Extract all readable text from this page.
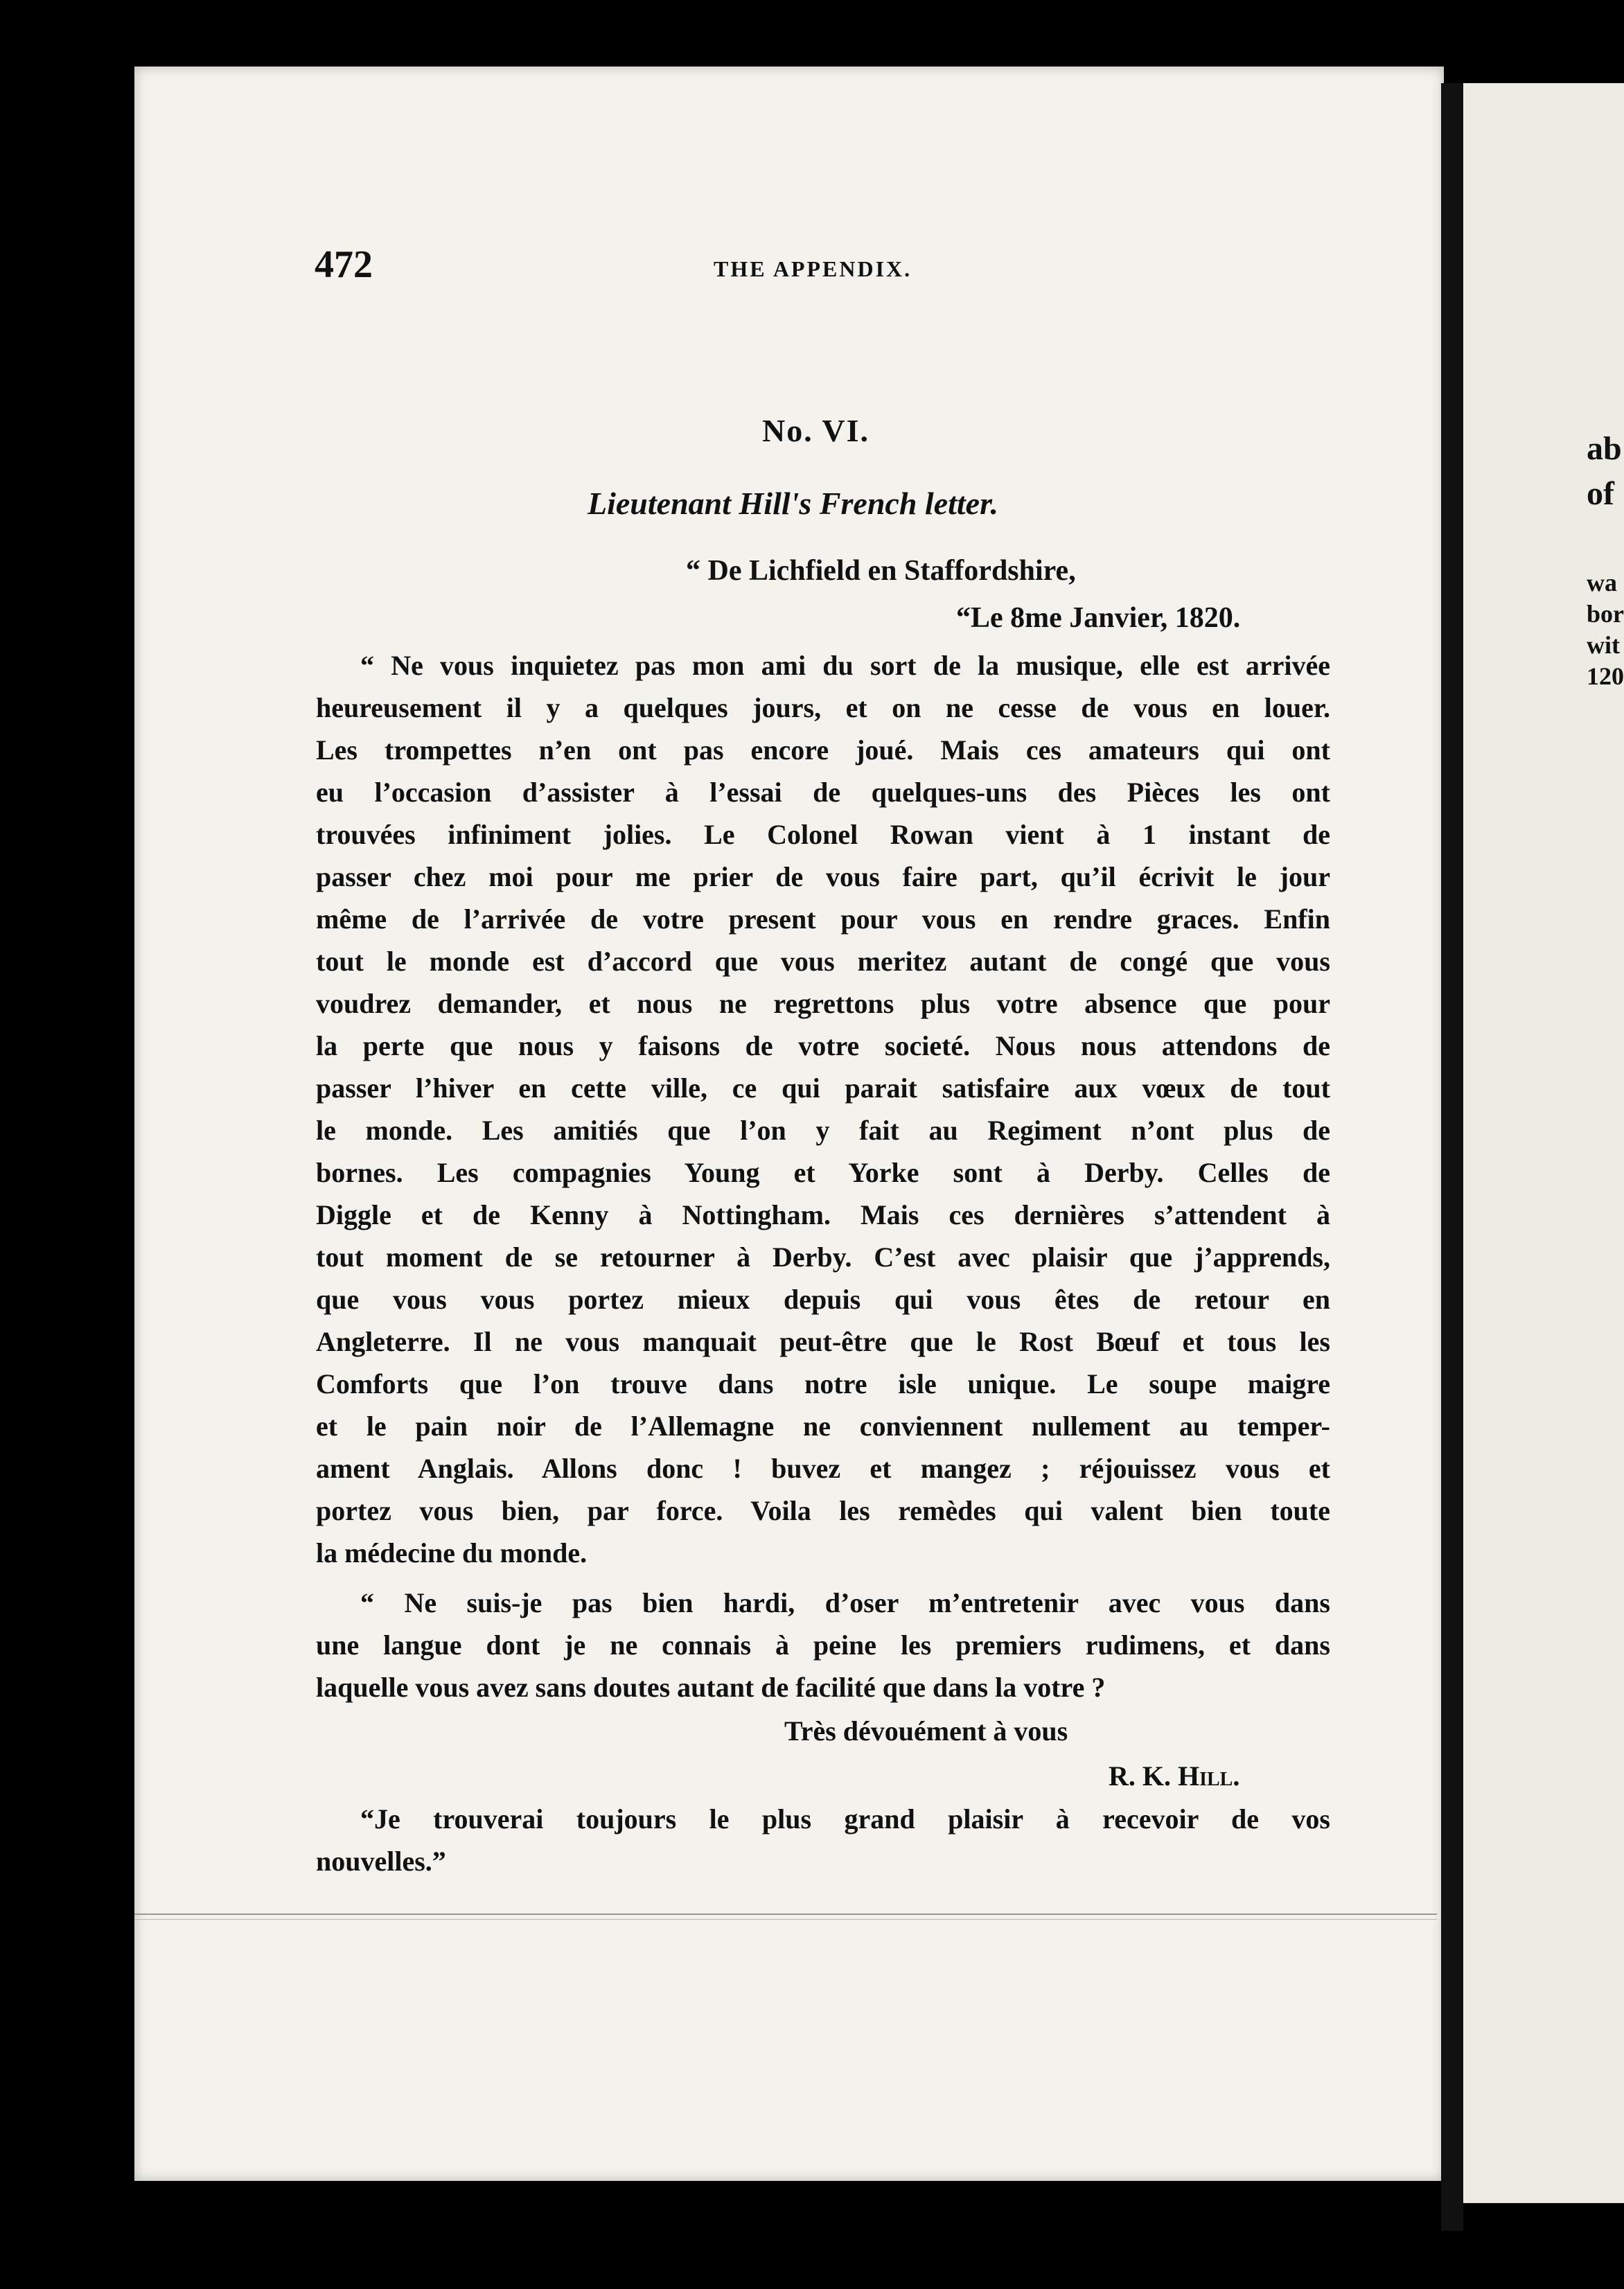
ab
of
wa
bor
wit
120
472	THE APPENDIX.
No. VI.
Lieutenant Hill's French letter.
“ De Lichfield en Staffordshire,
“Le 8me Janvier, 1820.

“ Ne vous inquietez pas mon ami du sort de la musique, elle est arrivée
heureusement il y a quelques jours, et on ne cesse de vous en louer.
Les trompettes n’en ont pas encore joué. Mais ces amateurs qui ont
eu l’occasion d’assister à l’essai de quelques-uns des Pièces les ont
trouvées infiniment jolies. Le Colonel Rowan vient à 1 instant de
passer chez moi pour me prier de vous faire part, qu’il écrivit le jour
même de l’arrivée de votre present pour vous en rendre graces. Enfin
tout le monde est d’accord que vous meritez autant de congé que vous
voudrez demander, et nous ne regrettons plus votre absence que pour
la perte que nous y faisons de votre societé. Nous nous attendons de
passer l’hiver en cette ville, ce qui parait satisfaire aux vœux de tout
le monde. Les amitiés que l’on y fait au Regiment n’ont plus de
bornes. Les compagnies Young et Yorke sont à Derby. Celles de
Diggle et de Kenny à Nottingham. Mais ces dernières s’attendent à
tout moment de se retourner à Derby. C’est avec plaisir que j’apprends,
que vous vous portez mieux depuis qui vous êtes de retour en
Angleterre. Il ne vous manquait peut-être que le Rost Bœuf et tous les
Comforts que l’on trouve dans notre isle unique. Le soupe maigre
et le pain noir de l’Allemagne ne conviennent nullement au temper-
ament Anglais. Allons donc ! buvez et mangez ; réjouissez vous et
portez vous bien, par force. Voila les remèdes qui valent bien toute
la médecine du monde.

“ Ne suis-je pas bien hardi, d’oser m’entretenir avec vous dans
une langue dont je ne connais à peine les premiers rudimens, et dans
laquelle vous avez sans doutes autant de facilité que dans la votre ?

Très dévouément à vous
R. K. Hill.

“Je trouverai toujours le plus grand plaisir à recevoir de vos
nouvelles.”
